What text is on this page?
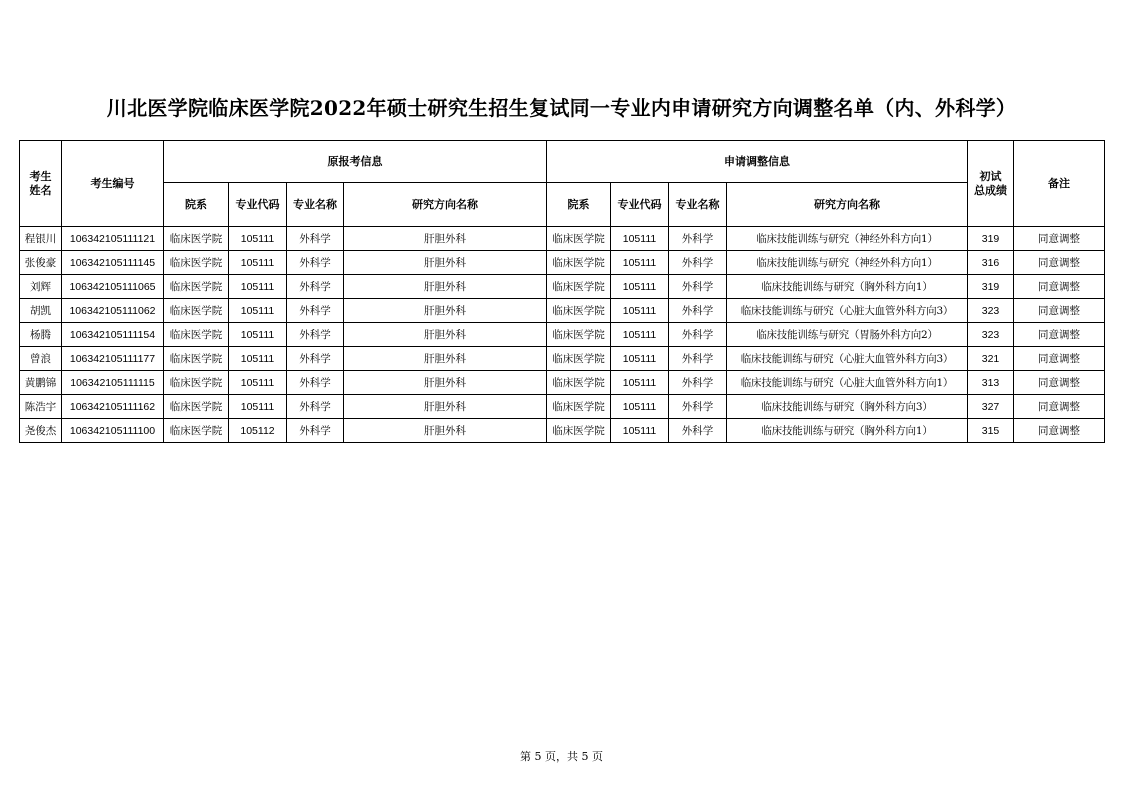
川北医学院临床医学院2022年硕士研究生招生复试同一专业内申请研究方向调整名单（内、外科学）
考生
姓名	考生编号	原报考信息				申请调整信息				初试
总成绩	备注
		院系	专业代码	专业名称	研究方向名称	院系	专业代码	专业名称	研究方向名称		
程银川	106342105111121	临床医学院	105111	外科学	肝胆外科	临床医学院	105111	外科学	临床技能训练与研究（神经外科方向1）	319	同意调整
张俊豪	106342105111145	临床医学院	105111	外科学	肝胆外科	临床医学院	105111	外科学	临床技能训练与研究（神经外科方向1）	316	同意调整
刘辉	106342105111065	临床医学院	105111	外科学	肝胆外科	临床医学院	105111	外科学	临床技能训练与研究（胸外科方向1）	319	同意调整
胡凯	106342105111062	临床医学院	105111	外科学	肝胆外科	临床医学院	105111	外科学	临床技能训练与研究（心脏大血管外科方向3）	323	同意调整
杨腾	106342105111154	临床医学院	105111	外科学	肝胆外科	临床医学院	105111	外科学	临床技能训练与研究（胃肠外科方向2）	323	同意调整
曾浪	106342105111177	临床医学院	105111	外科学	肝胆外科	临床医学院	105111	外科学	临床技能训练与研究（心脏大血管外科方向3）	321	同意调整
黄鹏锦	106342105111115	临床医学院	105111	外科学	肝胆外科	临床医学院	105111	外科学	临床技能训练与研究（心脏大血管外科方向1）	313	同意调整
陈浩宇	106342105111162	临床医学院	105111	外科学	肝胆外科	临床医学院	105111	外科学	临床技能训练与研究（胸外科方向3）	327	同意调整
尧俊杰	106342105111100	临床医学院	105112	外科学	肝胆外科	临床医学院	105111	外科学	临床技能训练与研究（胸外科方向1）	315	同意调整
第 5 页，共 5 页
